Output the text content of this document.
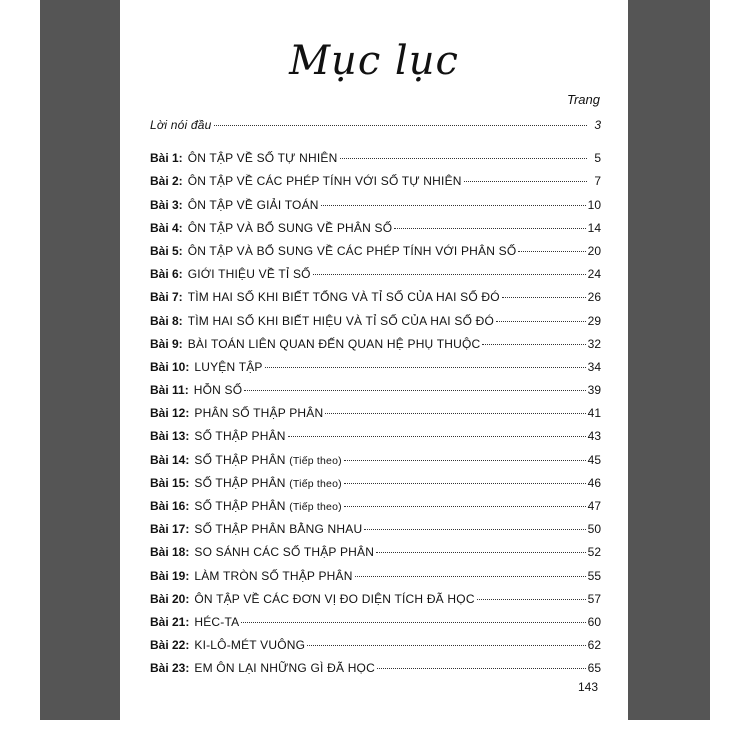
Mục lục
Trang
Lời nói đầu	3
Bài 1: ÔN TẬP VỀ SỐ TỰ NHIÊN	5
Bài 2: ÔN TẬP VỀ CÁC PHÉP TÍNH VỚI SỐ TỰ NHIÊN	7
Bài 3: ÔN TẬP VỀ GIẢI TOÁN	10
Bài 4: ÔN TẬP VÀ BỔ SUNG VỀ PHÂN SỐ	14
Bài 5: ÔN TẬP VÀ BỔ SUNG VỀ CÁC PHÉP TÍNH VỚI PHÂN SỐ	20
Bài 6: GIỚI THIỆU VỀ TỈ SỐ	24
Bài 7: TÌM HAI SỐ KHI BIẾT TỔNG VÀ TỈ SỐ CỦA HAI SỐ ĐÓ	26
Bài 8: TÌM HAI SỐ KHI BIẾT HIỆU VÀ TỈ SỐ CỦA HAI SỐ ĐÓ	29
Bài 9: BÀI TOÁN LIÊN QUAN ĐẾN QUAN HỆ PHỤ THUỘC	32
Bài 10: LUYỆN TẬP	34
Bài 11: HỖN SỐ	39
Bài 12: PHÂN SỐ THẬP PHÂN	41
Bài 13: SỐ THẬP PHÂN	43
Bài 14: SỐ THẬP PHÂN (Tiếp theo)	45
Bài 15: SỐ THẬP PHÂN (Tiếp theo)	46
Bài 16: SỐ THẬP PHÂN (Tiếp theo)	47
Bài 17: SỐ THẬP PHÂN BẰNG NHAU	50
Bài 18: SO SÁNH CÁC SỐ THẬP PHÂN	52
Bài 19: LÀM TRÒN SỐ THẬP PHÂN	55
Bài 20: ÔN TẬP VỀ CÁC ĐƠN VỊ ĐO DIỆN TÍCH ĐÃ HỌC	57
Bài 21: HÉC-TA	60
Bài 22: KI-LÔ-MÉT VUÔNG	62
Bài 23: EM ÔN LẠI NHỮNG GÌ ĐÃ HỌC	65
143
